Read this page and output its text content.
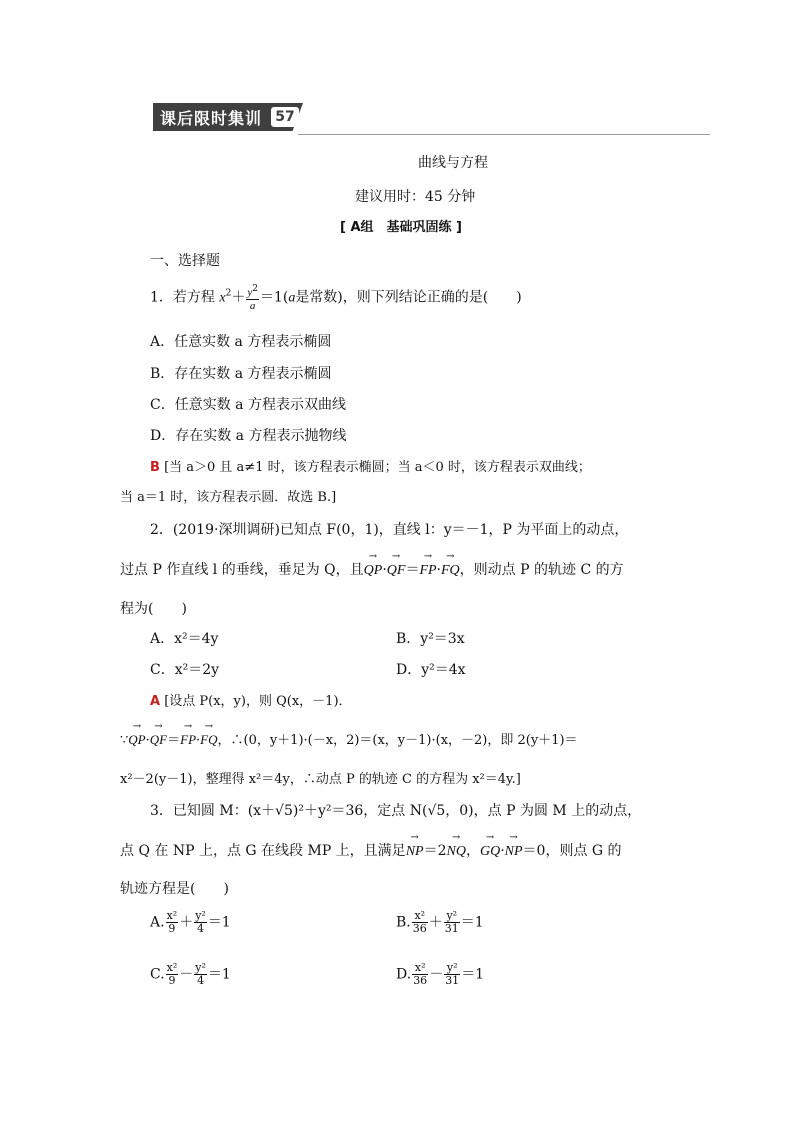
课后限时集训 57
曲线与方程
建议用时：45 分钟
[ A组　基础巩固练 ]
一、选择题
1．若方程 $x^2+ \frac{y^2}{a} =1(a$是常数)，则下列结论正确的是(　　)
A．任意实数 a 方程表示椭圆
B．存在实数 a 方程表示椭圆
C．任意实数 a 方程表示双曲线
D．存在实数 a 方程表示抛物线
B [当 a＞0 且 a≠1 时，该方程表示椭圆；当 a＜0 时，该方程表示双曲线；
当 a＝1 时，该方程表示圆．故选 B.]
2．(2019·深圳调研)已知点 F(0，1)，直线 l：y＝－1，P 为平面上的动点，
过点 P 作直线 l 的垂线，垂足为 Q，且→ QP·→ QF＝→ FP·→ FQ，则动点 P 的轨迹 C 的方
程为(　　)
A．x²＝4y	B．y²＝3x
C．x²＝2y	D．y²＝4x
A [设点 P(x，y)，则 Q(x，－1)．
∵→ QP·→ QF＝→ FP·→ FQ，∴(0，y＋1)·(－x，2)＝(x，y－1)·(x，－2)，即 2(y＋1)＝
x²－2(y－1)，整理得 x²＝4y，∴动点 P 的轨迹 C 的方程为 x²＝4y.]
3．已知圆 M：(x＋√5)²＋y²＝36，定点 N(√5，0)，点 P 为圆 M 上的动点，
点 Q 在 NP 上，点 G 在线段 MP 上，且满足→ NP＝2→ NQ，→ GQ·→ NP＝0，则点 G 的
轨迹方程是(　　)
A. $\frac{\text{x²}}{9} + \frac{\text{y²}}{4} =1$	B. $\frac{\text{x²}}{36} + \frac{\text{y²}}{31} =1$
C. $\frac{\text{x²}}{9} - \frac{\text{y²}}{4} =1$	D. $\frac{\text{x²}}{36} - \frac{\text{y²}}{31} =1$
